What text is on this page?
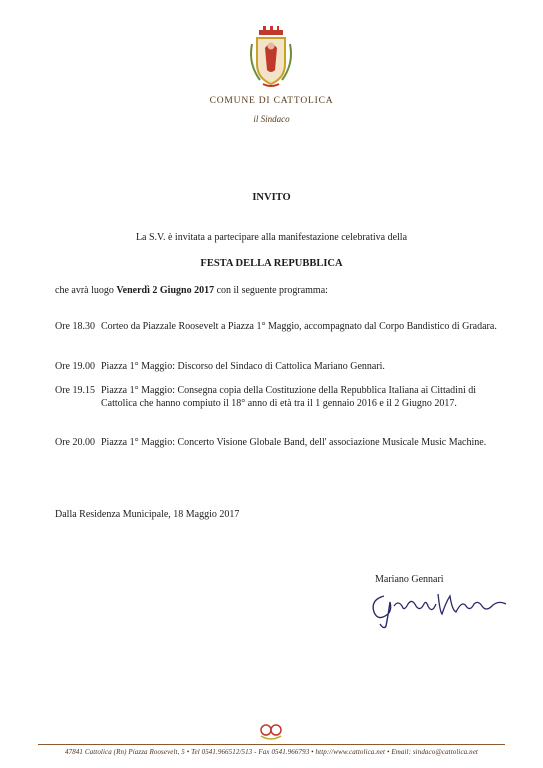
COMUNE DI CATTOLICA
il Sindaco
INVITO
La S.V. è invitata a partecipare alla manifestazione celebrativa della
FESTA DELLA REPUBBLICA
che avrà luogo Venerdì 2 Giugno 2017 con il seguente programma:
Ore 18.30 Corteo da Piazzale Roosevelt a Piazza 1° Maggio, accompagnato dal Corpo Bandistico di Gradara.
Ore 19.00 Piazza 1° Maggio: Discorso del Sindaco di Cattolica Mariano Gennari.
Ore 19.15 Piazza 1° Maggio: Consegna copia della Costituzione della Repubblica Italiana ai Cittadini di Cattolica che hanno compiuto il 18° anno di età tra il 1 gennaio 2016 e il 2 Giugno 2017.
Ore 20.00 Piazza 1° Maggio: Concerto Visione Globale Band, dell' associazione Musicale Music Machine.
Dalla Residenza Municipale, 18 Maggio 2017
Mariano Gennari
47841 Cattolica (Rn) Piazza Roosevelt, 5 • Tel 0541.966512/513 - Fax 0541.966793 • http://www.cattolica.net • Email: sindaco@cattolica.net
